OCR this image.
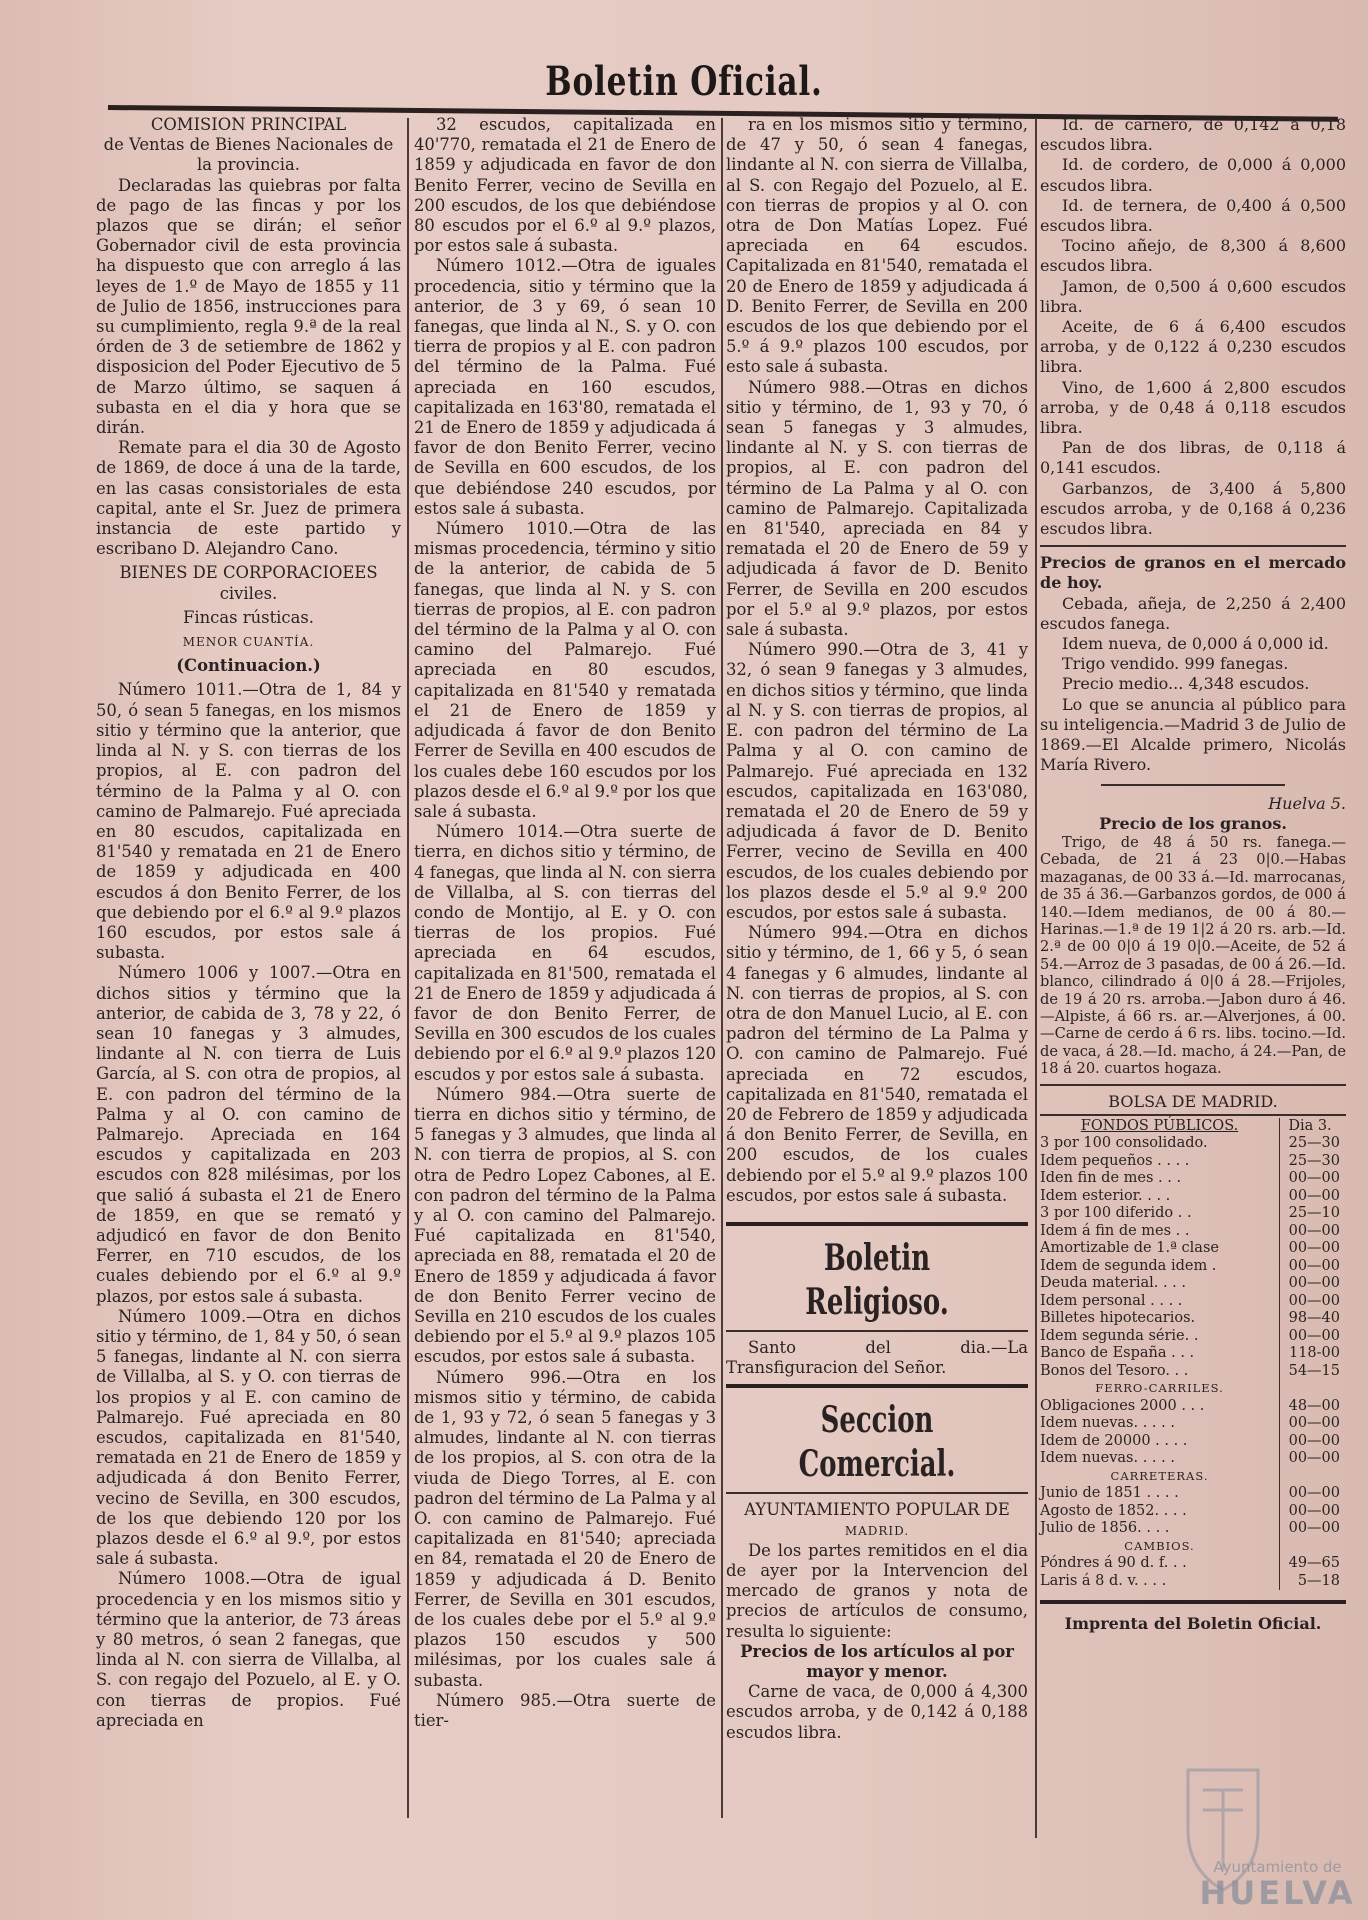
Boletin Oficial.

COMISION PRINCIPAL

de Ventas de Bienes Nacionales de la provincia.

Declaradas las quiebras por falta de pago de las fincas y por los plazos que se dirán; el señor Gobernador civil de esta provincia ha dispuesto que con arreglo á las leyes de 1.º de Mayo de 1855 y 11 de Julio de 1856, instrucciones para su cumplimiento, regla 9.ª de la real órden de 3 de setiembre de 1862 y disposicion del Poder Ejecutivo de 5 de Marzo último, se saquen á subasta en el dia y hora que se dirán.

Remate para el dia 30 de Agosto de 1869, de doce á una de la tarde, en las casas consistoriales de esta capital, ante el Sr. Juez de primera instancia de este partido y escribano D. Alejandro Cano.

BIENES DE CORPORACIOEES civiles.

Fincas rústicas.

MENOR CUANTÍA.

(Continuacion.)

Número 1011.—Otra de 1, 84 y 50, ó sean 5 fanegas, en los mismos sitio y término que la anterior, que linda al N. y S. con tierras de los propios, al E. con padron del término de la Palma y al O. con camino de Palmarejo. Fué apreciada en 80 escudos, capitalizada en 81'540 y rematada en 21 de Enero de 1859 y adjudicada en 400 escudos á don Benito Ferrer, de los que debiendo por el 6.º al 9.º plazos 160 escudos, por estos sale á subasta.

Número 1006 y 1007.—Otra en dichos sitios y término que la anterior, de cabida de 3, 78 y 22, ó sean 10 fanegas y 3 almudes, lindante al N. con tierra de Luis García, al S. con otra de propios, al E. con padron del término de la Palma y al O. con camino de Palmarejo. Apreciada en 164 escudos y capitalizada en 203 escudos con 828 milésimas, por los que salió á subasta el 21 de Enero de 1859, en que se remató y adjudicó en favor de don Benito Ferrer, en 710 escudos, de los cuales debiendo por el 6.º al 9.º plazos, por estos sale á subasta.

Número 1009.—Otra en dichos sitio y término, de 1, 84 y 50, ó sean 5 fanegas, lindante al N. con sierra de Villalba, al S. y O. con tierras de los propios y al E. con camino de Palmarejo. Fué apreciada en 80 escudos, capitalizada en 81'540, rematada en 21 de Enero de 1859 y adjudicada á don Benito Ferrer, vecino de Sevilla, en 300 escudos, de los que debiendo 120 por los plazos desde el 6.º al 9.º, por estos sale á subasta.

Número 1008.—Otra de igual procedencia y en los mismos sitio y término que la anterior, de 73 áreas y 80 metros, ó sean 2 fanegas, que linda al N. con sierra de Villalba, al S. con regajo del Pozuelo, al E. y O. con tierras de propios. Fué apreciada en

32 escudos, capitalizada en 40'770, rematada el 21 de Enero de 1859 y adjudicada en favor de don Benito Ferrer, vecino de Sevilla en 200 escudos, de los que debiéndose 80 escudos por el 6.º al 9.º plazos, por estos sale á subasta.

Número 1012.—Otra de iguales procedencia, sitio y término que la anterior, de 3 y 69, ó sean 10 fanegas, que linda al N., S. y O. con tierra de propios y al E. con padron del término de la Palma. Fué apreciada en 160 escudos, capitalizada en 163'80, rematada el 21 de Enero de 1859 y adjudicada á favor de don Benito Ferrer, vecino de Sevilla en 600 escudos, de los que debiéndose 240 escudos, por estos sale á subasta.

Número 1010.—Otra de las mismas procedencia, término y sitio de la anterior, de cabida de 5 fanegas, que linda al N. y S. con tierras de propios, al E. con padron del término de la Palma y al O. con camino del Palmarejo. Fué apreciada en 80 escudos, capitalizada en 81'540 y rematada el 21 de Enero de 1859 y adjudicada á favor de don Benito Ferrer de Sevilla en 400 escudos de los cuales debe 160 escudos por los plazos desde el 6.º al 9.º por los que sale á subasta.

Número 1014.—Otra suerte de tierra, en dichos sitio y término, de 4 fanegas, que linda al N. con sierra de Villalba, al S. con tierras del condo de Montijo, al E. y O. con tierras de los propios. Fué apreciada en 64 escudos, capitalizada en 81'500, rematada el 21 de Enero de 1859 y adjudicada á favor de don Benito Ferrer, de Sevilla en 300 escudos de los cuales debiendo por el 6.º al 9.º plazos 120 escudos y por estos sale á subasta.

Número 984.—Otra suerte de tierra en dichos sitio y término, de 5 fanegas y 3 almudes, que linda al N. con tierra de propios, al S. con otra de Pedro Lopez Cabones, al E. con padron del término de la Palma y al O. con camino del Palmarejo. Fué capitalizada en 81'540, apreciada en 88, rematada el 20 de Enero de 1859 y adjudicada á favor de don Benito Ferrer vecino de Sevilla en 210 escudos de los cuales debiendo por el 5.º al 9.º plazos 105 escudos, por estos sale á subasta.

Número 996.—Otra en los mismos sitio y término, de cabida de 1, 93 y 72, ó sean 5 fanegas y 3 almudes, lindante al N. con tierras de los propios, al S. con otra de la viuda de Diego Torres, al E. con padron del término de La Palma y al O. con camino de Palmarejo. Fué capitalizada en 81'540; apreciada en 84, rematada el 20 de Enero de 1859 y adjudicada á D. Benito Ferrer, de Sevilla en 301 escudos, de los cuales debe por el 5.º al 9.º plazos 150 escudos y 500 milésimas, por los cuales sale á subasta.

Número 985.—Otra suerte de tier-

ra en los mismos sitio y término, de 47 y 50, ó sean 4 fanegas, lindante al N. con sierra de Villalba, al S. con Regajo del Pozuelo, al E. con tierras de propios y al O. con otra de Don Matías Lopez. Fué apreciada en 64 escudos. Capitalizada en 81'540, rematada el 20 de Enero de 1859 y adjudicada á D. Benito Ferrer, de Sevilla en 200 escudos de los que debiendo por el 5.º á 9.º plazos 100 escudos, por esto sale á subasta.

Número 988.—Otras en dichos sitio y término, de 1, 93 y 70, ó sean 5 fanegas y 3 almudes, lindante al N. y S. con tierras de propios, al E. con padron del término de La Palma y al O. con camino de Palmarejo. Capitalizada en 81'540, apreciada en 84 y rematada el 20 de Enero de 59 y adjudicada á favor de D. Benito Ferrer, de Sevilla en 200 escudos por el 5.º al 9.º plazos, por estos sale á subasta.

Número 990.—Otra de 3, 41 y 32, ó sean 9 fanegas y 3 almudes, en dichos sitios y término, que linda al N. y S. con tierras de propios, al E. con padron del término de La Palma y al O. con camino de Palmarejo. Fué apreciada en 132 escudos, capitalizada en 163'080, rematada el 20 de Enero de 59 y adjudicada á favor de D. Benito Ferrer, vecino de Sevilla en 400 escudos, de los cuales debiendo por los plazos desde el 5.º al 9.º 200 escudos, por estos sale á subasta.

Número 994.—Otra en dichos sitio y término, de 1, 66 y 5, ó sean 4 fanegas y 6 almudes, lindante al N. con tierras de propios, al S. con otra de don Manuel Lucio, al E. con padron del término de La Palma y O. con camino de Palmarejo. Fué apreciada en 72 escudos, capitalizada en 81'540, rematada el 20 de Febrero de 1859 y adjudicada á don Benito Ferrer, de Sevilla, en 200 escudos, de los cuales debiendo por el 5.º al 9.º plazos 100 escudos, por estos sale á subasta.

Boletin Religioso.

Santo del dia.—La Transfiguracion del Señor.

Seccion Comercial.

AYUNTAMIENTO POPULAR DE

MADRID.

De los partes remitidos en el dia de ayer por la Intervencion del mercado de granos y nota de precios de artículos de consumo, resulta lo siguiente:

Precios de los artículos al por mayor y menor.

Carne de vaca, de 0,000 á 4,300 escudos arroba, y de 0,142 á 0,188 escudos libra.

Id. de carnero, de 0,142 á 0,18 escudos libra.

Id. de cordero, de 0,000 á 0,000 escudos libra.

Id. de ternera, de 0,400 á 0,500 escudos libra.

Tocino añejo, de 8,300 á 8,600 escudos libra.

Jamon, de 0,500 á 0,600 escudos libra.

Aceite, de 6 á 6,400 escudos arroba, y de 0,122 á 0,230 escudos libra.

Vino, de 1,600 á 2,800 escudos arroba, y de 0,48 á 0,118 escudos libra.

Pan de dos libras, de 0,118 á 0,141 escudos.

Garbanzos, de 3,400 á 5,800 escudos arroba, y de 0,168 á 0,236 escudos libra.

Precios de granos en el mercado de hoy.

Cebada, añeja, de 2,250 á 2,400 escudos fanega.

Idem nueva, de 0,000 á 0,000 id.

Trigo vendido. 999 fanegas.

Precio medio... 4,348 escudos.

Lo que se anuncia al público para su inteligencia.—Madrid 3 de Julio de 1869.—El Alcalde primero, Nicolás María Rivero.

Huelva 5.

Precio de los granos.

Trigo, de 48 á 50 rs. fanega.—Cebada, de 21 á 23 0|0.—Habas mazaganas, de 00 33 á.—Id. marrocanas, de 35 á 36.—Garbanzos gordos, de 000 á 140.—Idem medianos, de 00 á 80.—Harinas.—1.ª de 19 1|2 á 20 rs. arb.—Id. 2.ª de 00 0|0 á 19 0|0.—Aceite, de 52 á 54.—Arroz de 3 pasadas, de 00 á 26.—Id. blanco, cilindrado á 0|0 á 28.—Frijoles, de 19 á 20 rs. arroba.—Jabon duro á 46.—Alpiste, á 66 rs. ar.—Alverjones, á 00.—Carne de cerdo á 6 rs. libs. tocino.—Id. de vaca, á 28.—Id. macho, á 24.—Pan, de 18 á 20. cuartos hogaza.

BOLSA DE MADRID.

FONDOS PÚBLICOS.	Dia 3.
3 por 100 consolidado.	25—30
Idem pequeños . . . .	25—30
Iden fin de mes . . .	00—00
Idem esterior. . . .	00—00
3 por 100 diferido . .	25—10
Idem á fin de mes . .	00—00
Amortizable de 1.ª clase	00—00
Idem de segunda idem .	00—00
Deuda material. . . .	00—00
Idem personal . . . .	00—00
Billetes hipotecarios.	98—40
Idem segunda série. .	00—00
Banco de España . . .	118-00
Bonos del Tesoro. . .	54—15
FERRO-CARRILES.	
Obligaciones 2000 . . .	48—00
Idem nuevas. . . . .	00—00
Idem de 20000 . . . .	00—00
Idem nuevas. . . . .	00—00
CARRETERAS.	
Junio de 1851 . . . .	00—00
Agosto de 1852. . . .	00—00
Julio de 1856. . . .	00—00
CAMBIOS.	
Póndres á 90 d. f. . .	49—65
Laris á 8 d. v. . . .	5—18

Imprenta del Boletin Oficial.

Ayuntamiento de
HUELVA
